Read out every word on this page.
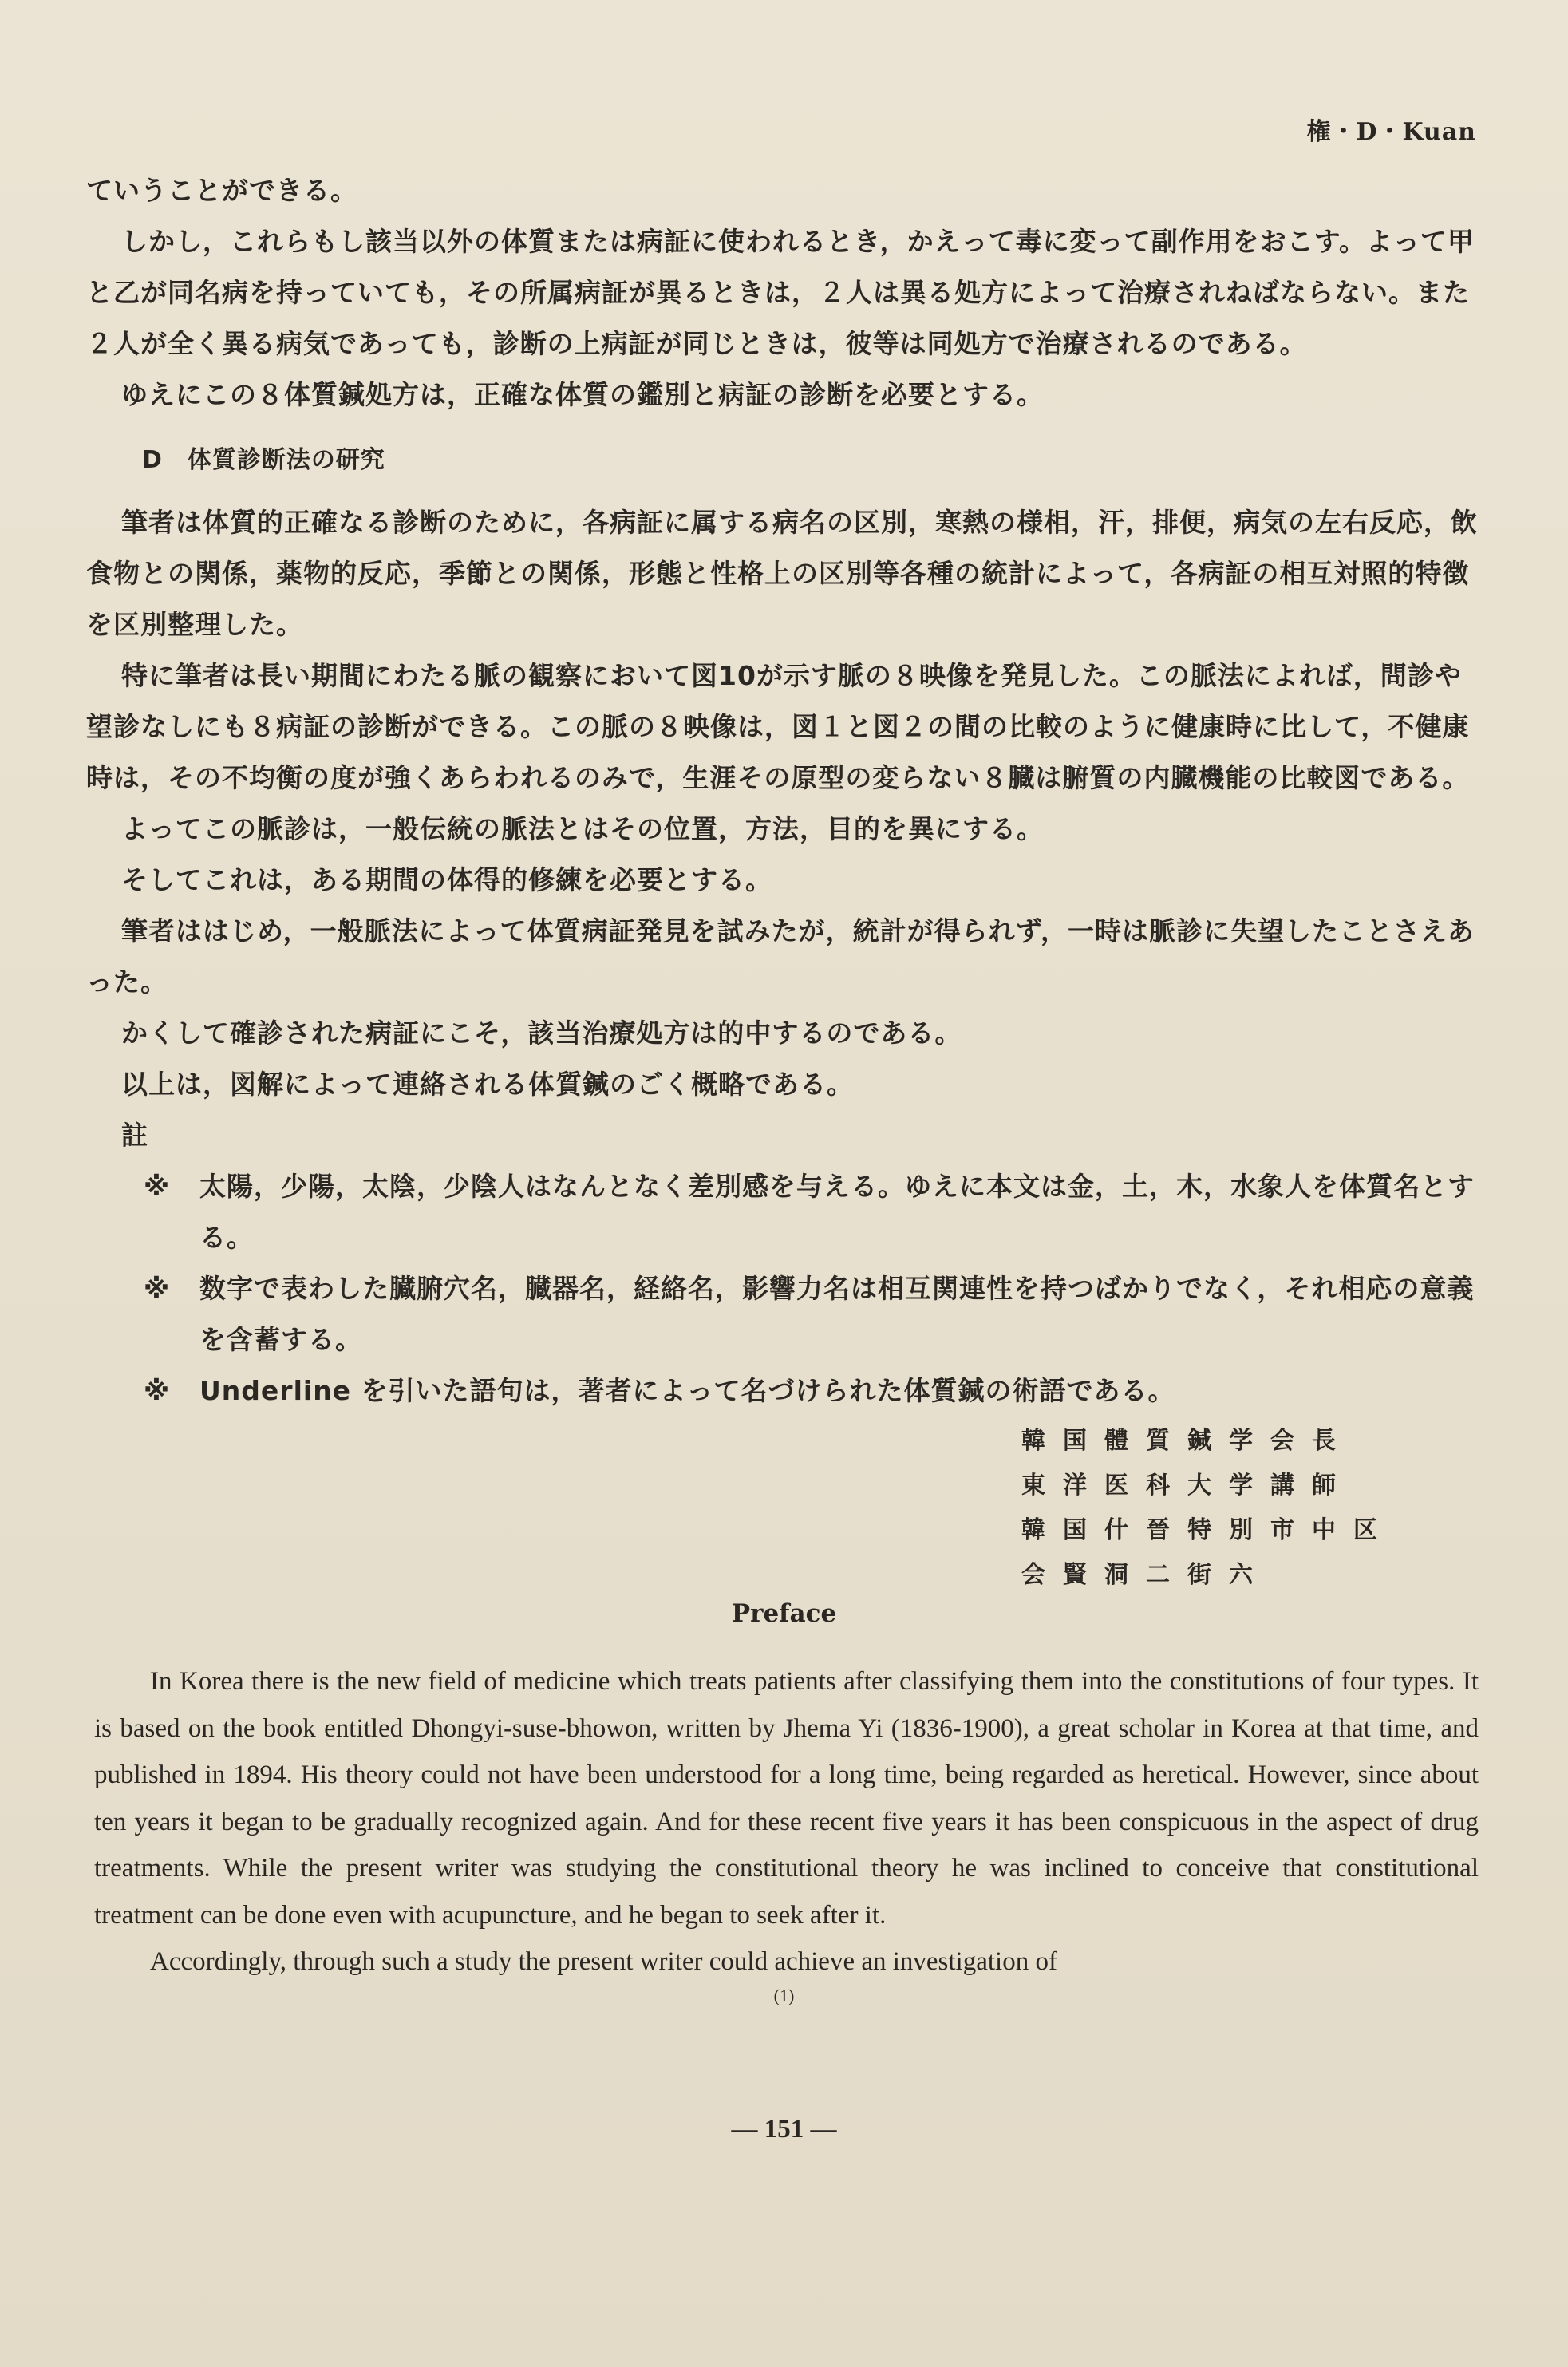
権・D・Kuan

ていうことができる。

しかし，これらもし該当以外の体質または病証に使われるとき，かえって毒に変って副作用をおこす。よって甲と乙が同名病を持っていても，その所属病証が異るときは，２人は異る処方によって治療されねばならない。また２人が全く異る病気であっても，診断の上病証が同じときは，彼等は同処方で治療されるのである。

ゆえにこの８体質鍼処方は，正確な体質の鑑別と病証の診断を必要とする。

D　体質診断法の研究

筆者は体質的正確なる診断のために，各病証に属する病名の区別，寒熱の様相，汗，排便，病気の左右反応，飲食物との関係，薬物的反応，季節との関係，形態と性格上の区別等各種の統計によって，各病証の相互対照的特徴を区別整理した。

特に筆者は長い期間にわたる脈の観察において図10が示す脈の８映像を発見した。この脈法によれば，問診や望診なしにも８病証の診断ができる。この脈の８映像は，図１と図２の間の比較のように健康時に比して，不健康時は，その不均衡の度が強くあらわれるのみで，生涯その原型の変らない８臓は腑質の内臓機能の比較図である。

よってこの脈診は，一般伝統の脈法とはその位置，方法，目的を異にする。

そしてこれは，ある期間の体得的修練を必要とする。

筆者ははじめ，一般脈法によって体質病証発見を試みたが，統計が得られず，一時は脈診に失望したことさえあった。

かくして確診された病証にこそ，該当治療処方は的中するのである。

以上は，図解によって連絡される体質鍼のごく概略である。

註

※	太陽，少陽，太陰，少陰人はなんとなく差別感を与える。ゆえに本文は金，土，木，水象人を体質名とする。
※	数字で表わした臓腑穴名，臓器名，経絡名，影響力名は相互関連性を持つばかりでなく，それ相応の意義を含蓄する。
※	Underline を引いた語句は，著者によって名づけられた体質鍼の術語である。
韓国體質鍼学会長
東洋医科大学講師
韓国什晉特別市中区
会賢洞二街六
Preface

In Korea there is the new field of medicine which treats patients after classifying them into the constitutions of four types. It is based on the book entitled Dhongyi-suse-bhowon, written by Jhema Yi (1836-1900), a great scholar in Korea at that time, and published in 1894. His theory could not have been understood for a long time, being regarded as heretical. However, since about ten years it began to be gradually recognized again. And for these recent five years it has been conspicuous in the aspect of drug treatments. While the present writer was studying the constitutional theory he was inclined to conceive that constitutional treatment can be done even with acupuncture, and he began to seek after it.

Accordingly, through such a study the present writer could achieve an investigation of

(1)
— 151 —
